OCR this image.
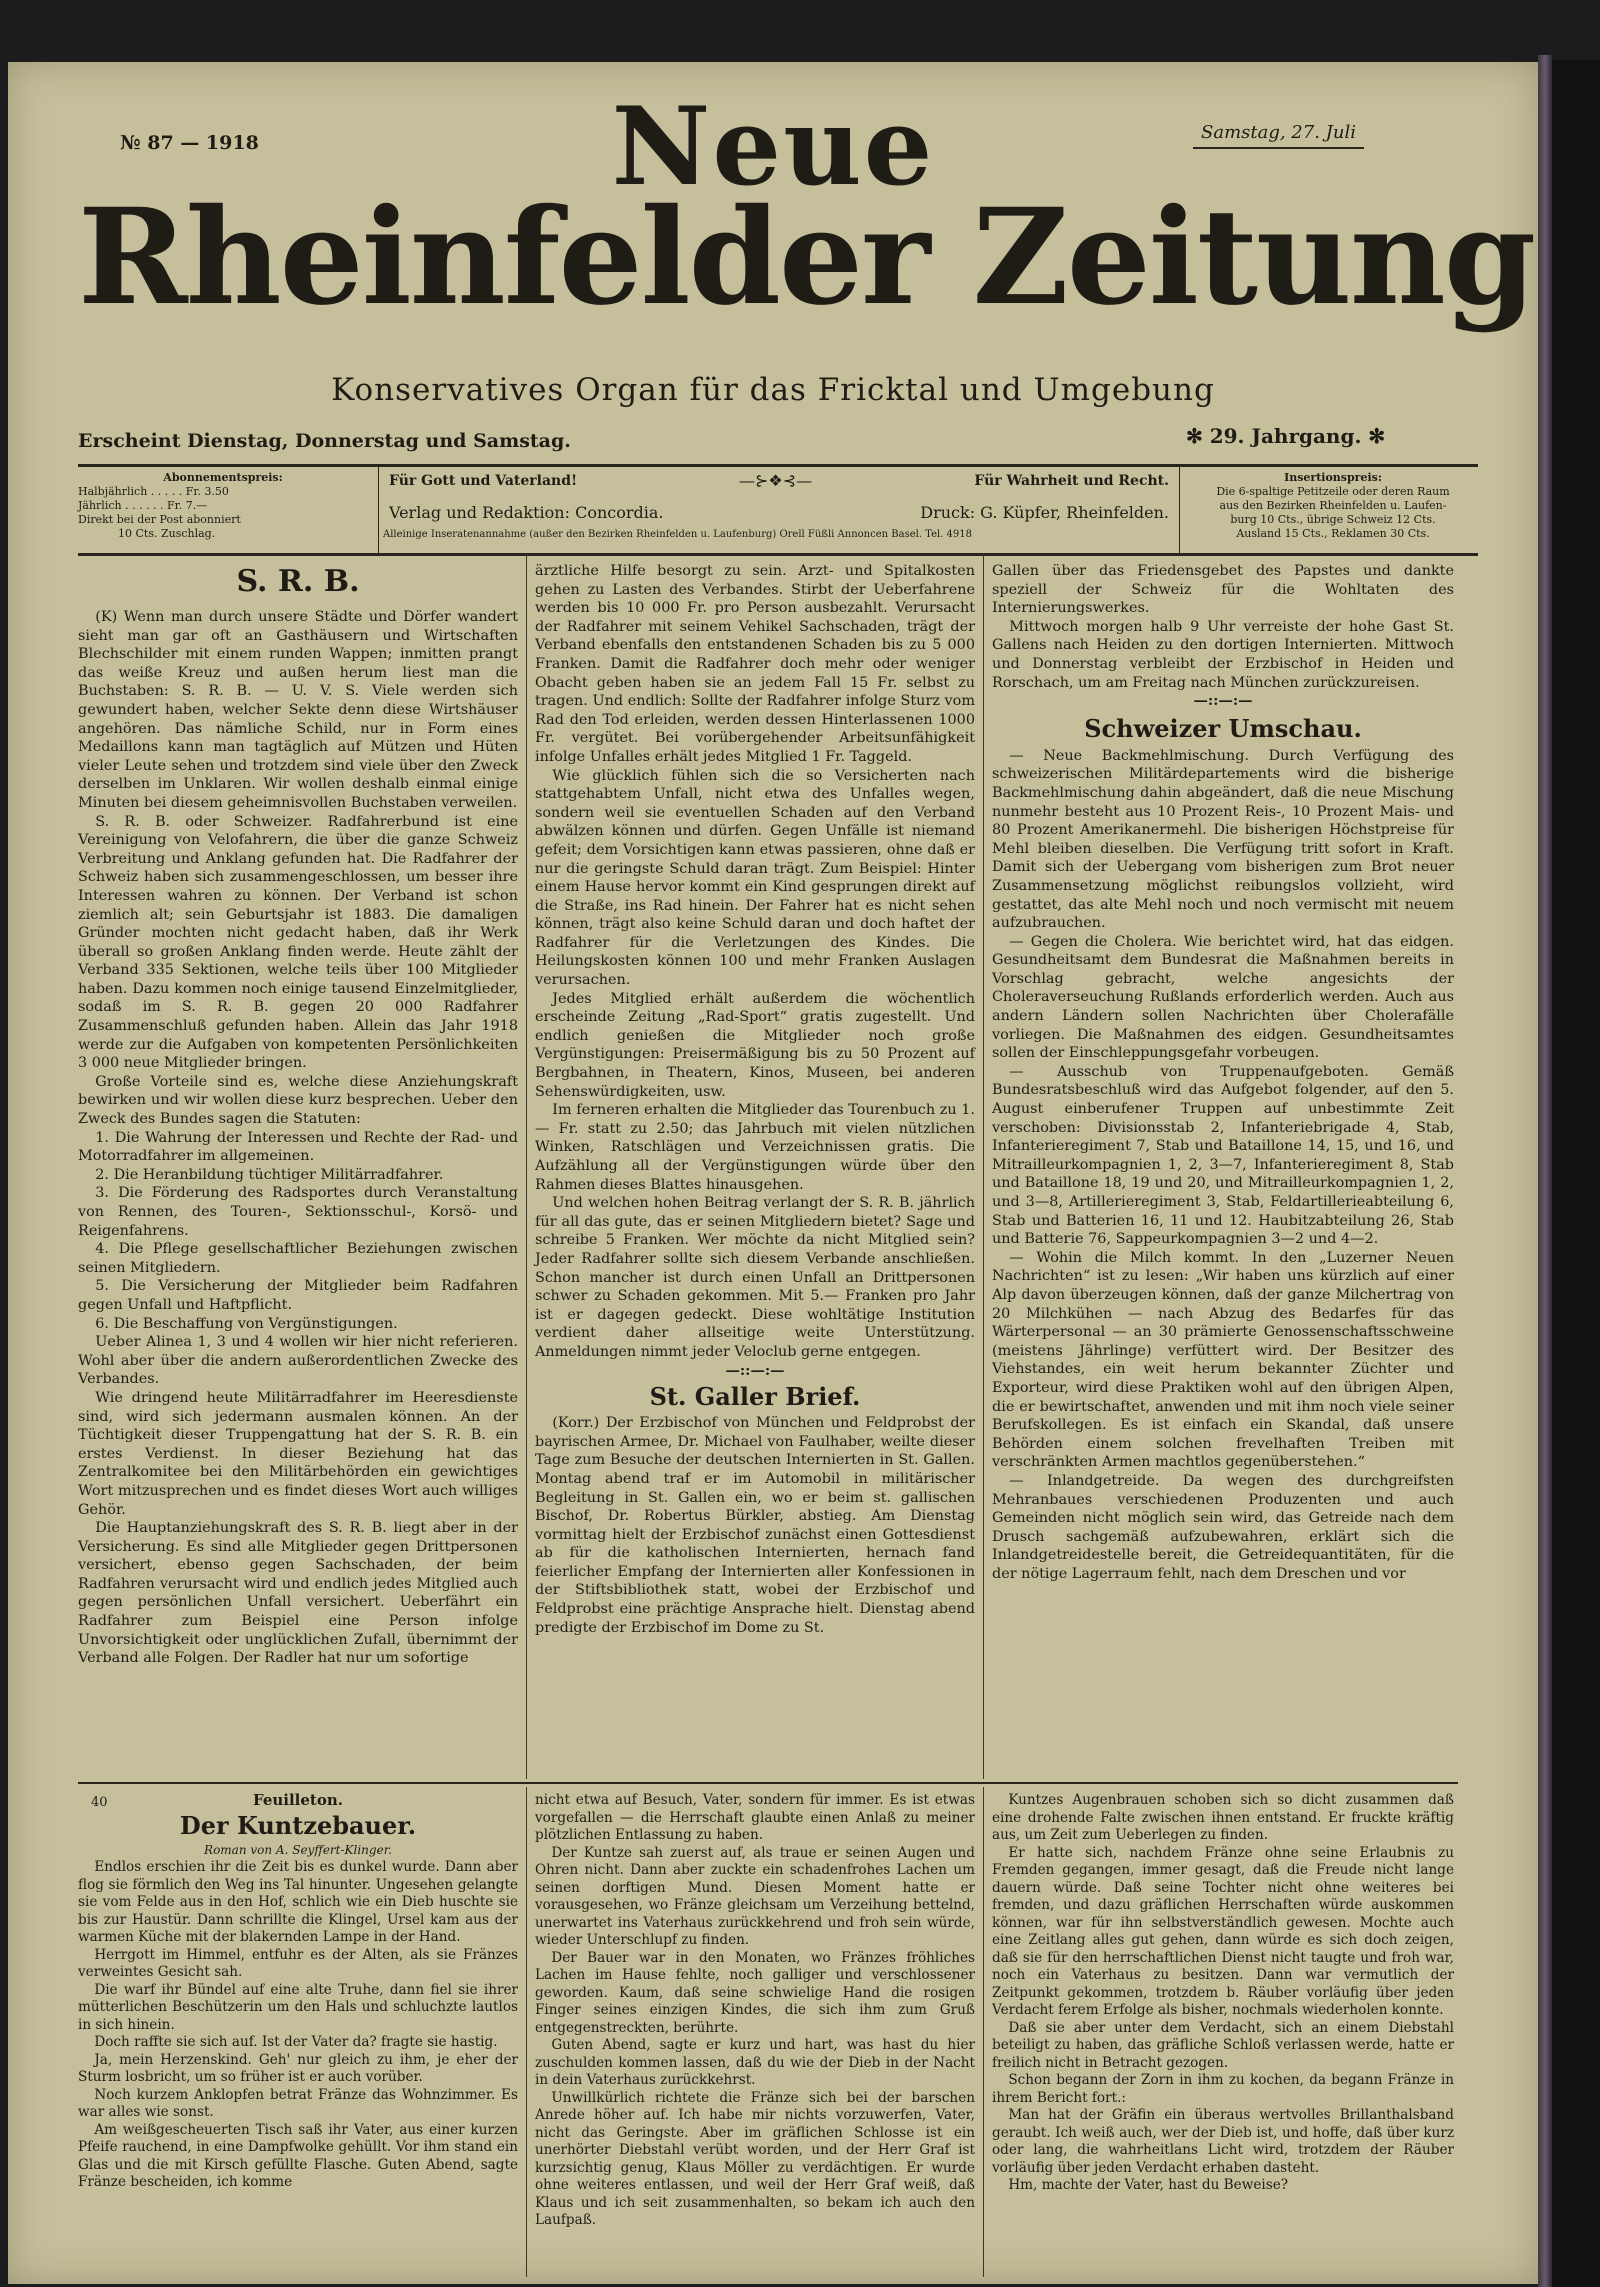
№ 87 — 1918	Samstag, 27. Juli
Neue
Rheinfelder Zeitung
Konservatives Organ für das Fricktal und Umgebung
Erscheint Dienstag, Donnerstag und Samstag.	✻ 29. Jahrgang. ✻
Abonnementspreis:
Halbjährlich . . . . . Fr. 3.50
Jährlich . . . . . . Fr. 7.—
Direkt bei der Post abonniert
10 Cts. Zuschlag.
Für Gott und Vaterland!	—⊱❖⊰—	Für Wahrheit und Recht.
Verlag und Redaktion: Concordia.	Druck: G. Küpfer, Rheinfelden.
Alleinige Inseratenannahme (außer den Bezirken Rheinfelden u. Laufenburg) Orell Füßli Annoncen Basel. Tel. 4918
Insertionspreis:
Die 6-spaltige Petitzeile oder deren Raum
aus den Bezirken Rheinfelden u. Laufen-
burg 10 Cts., übrige Schweiz 12 Cts.
Ausland 15 Cts., Reklamen 30 Cts.
S. R. B.

(K) Wenn man durch unsere Städte und Dörfer wandert sieht man gar oft an Gasthäusern und Wirtschaften Blechschilder mit einem runden Wappen; inmitten prangt das weiße Kreuz und außen herum liest man die Buchstaben: S. R. B. — U. V. S. Viele werden sich gewundert haben, welcher Sekte denn diese Wirtshäuser angehören. Das nämliche Schild, nur in Form eines Medaillons kann man tagtäglich auf Mützen und Hüten vieler Leute sehen und trotzdem sind viele über den Zweck derselben im Unklaren. Wir wollen deshalb einmal einige Minuten bei diesem geheimnisvollen Buchstaben verweilen.

S. R. B. oder Schweizer. Radfahrerbund ist eine Vereinigung von Velofahrern, die über die ganze Schweiz Verbreitung und Anklang gefunden hat. Die Radfahrer der Schweiz haben sich zusammengeschlossen, um besser ihre Interessen wahren zu können. Der Verband ist schon ziemlich alt; sein Geburtsjahr ist 1883. Die damaligen Gründer mochten nicht gedacht haben, daß ihr Werk überall so großen Anklang finden werde. Heute zählt der Verband 335 Sektionen, welche teils über 100 Mitglieder haben. Dazu kommen noch einige tausend Einzelmitglieder, sodaß im S. R. B. gegen 20 000 Radfahrer Zusammenschluß gefunden haben. Allein das Jahr 1918 werde zur die Aufgaben von kompetenten Persönlichkeiten 3 000 neue Mitglieder bringen.

Große Vorteile sind es, welche diese Anziehungskraft bewirken und wir wollen diese kurz besprechen. Ueber den Zweck des Bundes sagen die Statuten:

1. Die Wahrung der Interessen und Rechte der Rad- und Motorradfahrer im allgemeinen.

2. Die Heranbildung tüchtiger Militärradfahrer.

3. Die Förderung des Radsportes durch Veranstaltung von Rennen, des Touren-, Sektionsschul-, Korsö- und Reigenfahrens.

4. Die Pflege gesellschaftlicher Beziehungen zwischen seinen Mitgliedern.

5. Die Versicherung der Mitglieder beim Radfahren gegen Unfall und Haftpflicht.

6. Die Beschaffung von Vergünstigungen.

Ueber Alinea 1, 3 und 4 wollen wir hier nicht referieren. Wohl aber über die andern außerordentlichen Zwecke des Verbandes.

Wie dringend heute Militärradfahrer im Heeresdienste sind, wird sich jedermann ausmalen können. An der Tüchtigkeit dieser Truppengattung hat der S. R. B. ein erstes Verdienst. In dieser Beziehung hat das Zentralkomitee bei den Militärbehörden ein gewichtiges Wort mitzusprechen und es findet dieses Wort auch williges Gehör.

Die Hauptanziehungskraft des S. R. B. liegt aber in der Versicherung. Es sind alle Mitglieder gegen Drittpersonen versichert, ebenso gegen Sachschaden, der beim Radfahren verursacht wird und endlich jedes Mitglied auch gegen persönlichen Unfall versichert. Ueberfährt ein Radfahrer zum Beispiel eine Person infolge Unvorsichtigkeit oder unglücklichen Zufall, übernimmt der Verband alle Folgen. Der Radler hat nur um sofortige

ärztliche Hilfe besorgt zu sein. Arzt- und Spitalkosten gehen zu Lasten des Verbandes. Stirbt der Ueberfahrene werden bis 10 000 Fr. pro Person ausbezahlt. Verursacht der Radfahrer mit seinem Vehikel Sachschaden, trägt der Verband ebenfalls den entstandenen Schaden bis zu 5 000 Franken. Damit die Radfahrer doch mehr oder weniger Obacht geben haben sie an jedem Fall 15 Fr. selbst zu tragen. Und endlich: Sollte der Radfahrer infolge Sturz vom Rad den Tod erleiden, werden dessen Hinterlassenen 1000 Fr. vergütet. Bei vorübergehender Arbeitsunfähigkeit infolge Unfalles erhält jedes Mitglied 1 Fr. Taggeld.

Wie glücklich fühlen sich die so Versicherten nach stattgehabtem Unfall, nicht etwa des Unfalles wegen, sondern weil sie eventuellen Schaden auf den Verband abwälzen können und dürfen. Gegen Unfälle ist niemand gefeit; dem Vorsichtigen kann etwas passieren, ohne daß er nur die geringste Schuld daran trägt. Zum Beispiel: Hinter einem Hause hervor kommt ein Kind gesprungen direkt auf die Straße, ins Rad hinein. Der Fahrer hat es nicht sehen können, trägt also keine Schuld daran und doch haftet der Radfahrer für die Verletzungen des Kindes. Die Heilungskosten können 100 und mehr Franken Auslagen verursachen.

Jedes Mitglied erhält außerdem die wöchentlich erscheinde Zeitung „Rad-Sport“ gratis zugestellt. Und endlich genießen die Mitglieder noch große Vergünstigungen: Preisermäßigung bis zu 50 Prozent auf Bergbahnen, in Theatern, Kinos, Museen, bei anderen Sehenswürdigkeiten, usw.

Im ferneren erhalten die Mitglieder das Tourenbuch zu 1.— Fr. statt zu 2.50; das Jahrbuch mit vielen nützlichen Winken, Ratschlägen und Verzeichnissen gratis. Die Aufzählung all der Vergünstigungen würde über den Rahmen dieses Blattes hinausgehen.

Und welchen hohen Beitrag verlangt der S. R. B. jährlich für all das gute, das er seinen Mitgliedern bietet? Sage und schreibe 5 Franken. Wer möchte da nicht Mitglied sein? Jeder Radfahrer sollte sich diesem Verbande anschließen. Schon mancher ist durch einen Unfall an Drittpersonen schwer zu Schaden gekommen. Mit 5.— Franken pro Jahr ist er dagegen gedeckt. Diese wohltätige Institution verdient daher allseitige weite Unterstützung. Anmeldungen nimmt jeder Veloclub gerne entgegen.

—::—:—

St. Galler Brief.

(Korr.) Der Erzbischof von München und Feldprobst der bayrischen Armee, Dr. Michael von Faulhaber, weilte dieser Tage zum Besuche der deutschen Internierten in St. Gallen. Montag abend traf er im Automobil in militärischer Begleitung in St. Gallen ein, wo er beim st. gallischen Bischof, Dr. Robertus Bürkler, abstieg. Am Dienstag vormittag hielt der Erzbischof zunächst einen Gottesdienst ab für die katholischen Internierten, hernach fand feierlicher Empfang der Internierten aller Konfessionen in der Stiftsbibliothek statt, wobei der Erzbischof und Feldprobst eine prächtige Ansprache hielt. Dienstag abend predigte der Erzbischof im Dome zu St.

Gallen über das Friedensgebet des Papstes und dankte speziell der Schweiz für die Wohltaten des Internierungswerkes.

Mittwoch morgen halb 9 Uhr verreiste der hohe Gast St. Gallens nach Heiden zu den dortigen Internierten. Mittwoch und Donnerstag verbleibt der Erzbischof in Heiden und Rorschach, um am Freitag nach München zurückzureisen.

—::—:—

Schweizer Umschau.

— Neue Backmehlmischung. Durch Verfügung des schweizerischen Militärdepartements wird die bisherige Backmehlmischung dahin abgeändert, daß die neue Mischung nunmehr besteht aus 10 Prozent Reis-, 10 Prozent Mais- und 80 Prozent Amerikanermehl. Die bisherigen Höchstpreise für Mehl bleiben dieselben. Die Verfügung tritt sofort in Kraft. Damit sich der Uebergang vom bisherigen zum Brot neuer Zusammensetzung möglichst reibungslos vollzieht, wird gestattet, das alte Mehl noch und noch vermischt mit neuem aufzubrauchen.

— Gegen die Cholera. Wie berichtet wird, hat das eidgen. Gesundheitsamt dem Bundesrat die Maßnahmen bereits in Vorschlag gebracht, welche angesichts der Choleraverseuchung Rußlands erforderlich werden. Auch aus andern Ländern sollen Nachrichten über Cholerafälle vorliegen. Die Maßnahmen des eidgen. Gesundheitsamtes sollen der Einschleppungsgefahr vorbeugen.

— Ausschub von Truppenaufgeboten. Gemäß Bundesratsbeschluß wird das Aufgebot folgender, auf den 5. August einberufener Truppen auf unbestimmte Zeit verschoben: Divisionsstab 2, Infanteriebrigade 4, Stab, Infanterieregiment 7, Stab und Bataillone 14, 15, und 16, und Mitrailleurkompagnien 1, 2, 3—7, Infanterieregiment 8, Stab und Bataillone 18, 19 und 20, und Mitrailleurkompagnien 1, 2, und 3—8, Artillerieregiment 3, Stab, Feldartillerieabteilung 6, Stab und Batterien 16, 11 und 12. Haubitzabteilung 26, Stab und Batterie 76, Sappeurkompagnien 3—2 und 4—2.

— Wohin die Milch kommt. In den „Luzerner Neuen Nachrichten“ ist zu lesen: „Wir haben uns kürzlich auf einer Alp davon überzeugen können, daß der ganze Milchertrag von 20 Milchkühen — nach Abzug des Bedarfes für das Wärterpersonal — an 30 prämierte Genossenschaftsschweine (meistens Jährlinge) verfüttert wird. Der Besitzer des Viehstandes, ein weit herum bekannter Züchter und Exporteur, wird diese Praktiken wohl auf den übrigen Alpen, die er bewirtschaftet, anwenden und mit ihm noch viele seiner Berufskollegen. Es ist einfach ein Skandal, daß unsere Behörden einem solchen frevelhaften Treiben mit verschränkten Armen machtlos gegenüberstehen.“

— Inlandgetreide. Da wegen des durchgreifsten Mehranbaues verschiedenen Produzenten und auch Gemeinden nicht möglich sein wird, das Getreide nach dem Drusch sachgemäß aufzubewahren, erklärt sich die Inlandgetreidestelle bereit, die Getreidequantitäten, für die der nötige Lagerraum fehlt, nach dem Dreschen und vor

40	Feuilleton.
Der Kuntzebauer.
Roman von A. Seyffert-Klinger.

Endlos erschien ihr die Zeit bis es dunkel wurde. Dann aber flog sie förmlich den Weg ins Tal hinunter. Ungesehen gelangte sie vom Felde aus in den Hof, schlich wie ein Dieb huschte sie bis zur Haustür. Dann schrillte die Klingel, Ursel kam aus der warmen Küche mit der blakernden Lampe in der Hand.

Herrgott im Himmel, entfuhr es der Alten, als sie Fränzes verweintes Gesicht sah.

Die warf ihr Bündel auf eine alte Truhe, dann fiel sie ihrer mütterlichen Beschützerin um den Hals und schluchzte lautlos in sich hinein.

Doch raffte sie sich auf. Ist der Vater da? fragte sie hastig.

Ja, mein Herzenskind. Geh' nur gleich zu ihm, je eher der Sturm losbricht, um so früher ist er auch vorüber.

Noch kurzem Anklopfen betrat Fränze das Wohnzimmer. Es war alles wie sonst.

Am weißgescheuerten Tisch saß ihr Vater, aus einer kurzen Pfeife rauchend, in eine Dampfwolke gehüllt. Vor ihm stand ein Glas und die mit Kirsch gefüllte Flasche. Guten Abend, sagte Fränze bescheiden, ich komme

nicht etwa auf Besuch, Vater, sondern für immer. Es ist etwas vorgefallen — die Herrschaft glaubte einen Anlaß zu meiner plötzlichen Entlassung zu haben.

Der Kuntze sah zuerst auf, als traue er seinen Augen und Ohren nicht. Dann aber zuckte ein schadenfrohes Lachen um seinen dorftigen Mund. Diesen Moment hatte er vorausgesehen, wo Fränze gleichsam um Verzeihung bettelnd, unerwartet ins Vaterhaus zurückkehrend und froh sein würde, wieder Unterschlupf zu finden.

Der Bauer war in den Monaten, wo Fränzes fröhliches Lachen im Hause fehlte, noch galliger und verschlossener geworden. Kaum, daß seine schwielige Hand die rosigen Finger seines einzigen Kindes, die sich ihm zum Gruß entgegenstreckten, berührte.

Guten Abend, sagte er kurz und hart, was hast du hier zuschulden kommen lassen, daß du wie der Dieb in der Nacht in dein Vaterhaus zurückkehrst.

Unwillkürlich richtete die Fränze sich bei der barschen Anrede höher auf. Ich habe mir nichts vorzuwerfen, Vater, nicht das Geringste. Aber im gräflichen Schlosse ist ein unerhörter Diebstahl verübt worden, und der Herr Graf ist kurzsichtig genug, Klaus Möller zu verdächtigen. Er wurde ohne weiteres entlassen, und weil der Herr Graf weiß, daß Klaus und ich seit zusammenhalten, so bekam ich auch den Laufpaß.

Kuntzes Augenbrauen schoben sich so dicht zusammen daß eine drohende Falte zwischen ihnen entstand. Er fruckte kräftig aus, um Zeit zum Ueberlegen zu finden.

Er hatte sich, nachdem Fränze ohne seine Erlaubnis zu Fremden gegangen, immer gesagt, daß die Freude nicht lange dauern würde. Daß seine Tochter nicht ohne weiteres bei fremden, und dazu gräflichen Herrschaften würde auskommen können, war für ihn selbstverständlich gewesen. Mochte auch eine Zeitlang alles gut gehen, dann würde es sich doch zeigen, daß sie für den herrschaftlichen Dienst nicht taugte und froh war, noch ein Vaterhaus zu besitzen. Dann war vermutlich der Zeitpunkt gekommen, trotzdem b. Räuber vorläufig über jeden Verdacht ferem Erfolge als bisher, nochmals wiederholen konnte.

Daß sie aber unter dem Verdacht, sich an einem Diebstahl beteiligt zu haben, das gräfliche Schloß verlassen werde, hatte er freilich nicht in Betracht gezogen.

Schon begann der Zorn in ihm zu kochen, da begann Fränze in ihrem Bericht fort.:

Man hat der Gräfin ein überaus wertvolles Brillanthalsband geraubt. Ich weiß auch, wer der Dieb ist, und hoffe, daß über kurz oder lang, die wahrheitlans Licht wird, trotzdem der Räuber vorläufig über jeden Verdacht erhaben dasteht.

Hm, machte der Vater, hast du Beweise?
